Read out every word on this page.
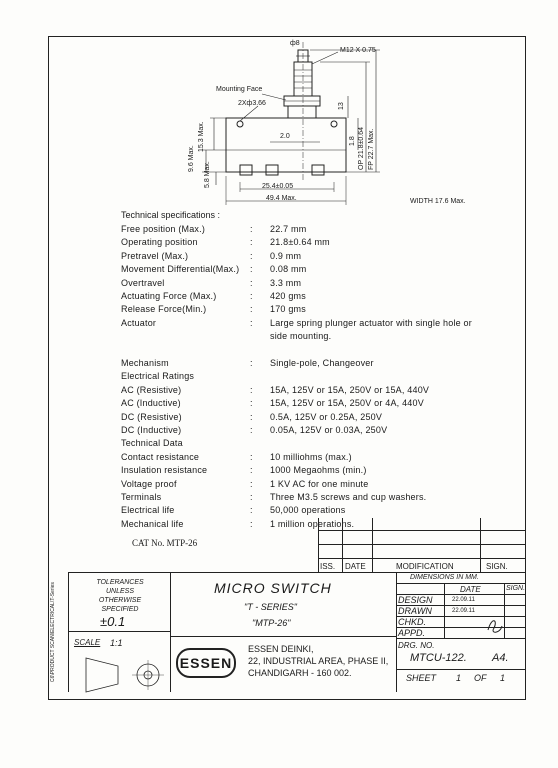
ф8
M12 X 0.75
Mounting Face
2Xф3.66	13
15.3 Max.	2.0	1.8 OP 21.8±0.64 FP 22.7 Max.
9.6 Max.
5.8 Max.	25.4±0.05
49.4 Max.	WIDTH 17.6 Max.
Technical specifications :
Free position (Max.)	: 22.7 mm
Operating position	: 21.8±0.64 mm
Pretravel (Max.)	: 0.9 mm
Movement Differential(Max.) : 0.08 mm
Overtravel	: 3.3 mm
Actuating Force (Max.)	: 420 gms
Release Force(Min.)	: 170 gms
Actuator	: Large spring plunger actuator with single hole or
side mounting.
Mechanism	: Single-pole, Changeover
Electrical Ratings
AC (Resistive)	: 15A, 125V or 15A, 250V or 15A, 440V
AC (Inductive)	: 15A, 125V or 15A, 250V or 4A, 440V
DC (Resistive)	: 0.5A, 125V or 0.25A, 250V
DC (Inductive)	: 0.05A, 125V or 0.03A, 250V
Technical Data
Contact resistance	: 10 milliohms (max.)
Insulation resistance	: 1000 Megaohms (min.)
Voltage proof	: 1 KV AC for one minute
Terminals	: Three M3.5 screws and cup washers.
Electrical life	: 50,000 operations
Mechanical life	: 1 million operations.
CAT No. MTP-26
C6\PRODUCT SCAN\ELECTRICAL\T-Series
ISS. DATE	MODIFICATION	SIGN.
TOLERANCES
UNLESS
OTHERWISE
SPECIFIED
±0.1
MICRO SWITCH
"T - SERIES"
"MTP-26"
DIMENSIONS IN MM.
DATE	SIGN.
DESIGN	22.09.11
DRAWN	22.09.11
CHKD.
APPD.
DRG. NO.
MTCU-122. A4.
SHEET 1 OF 1
SCALE 1:1
ESSEN
ESSEN DEINKI,
22, INDUSTRIAL AREA, PHASE II,
CHANDIGARH - 160 002.
